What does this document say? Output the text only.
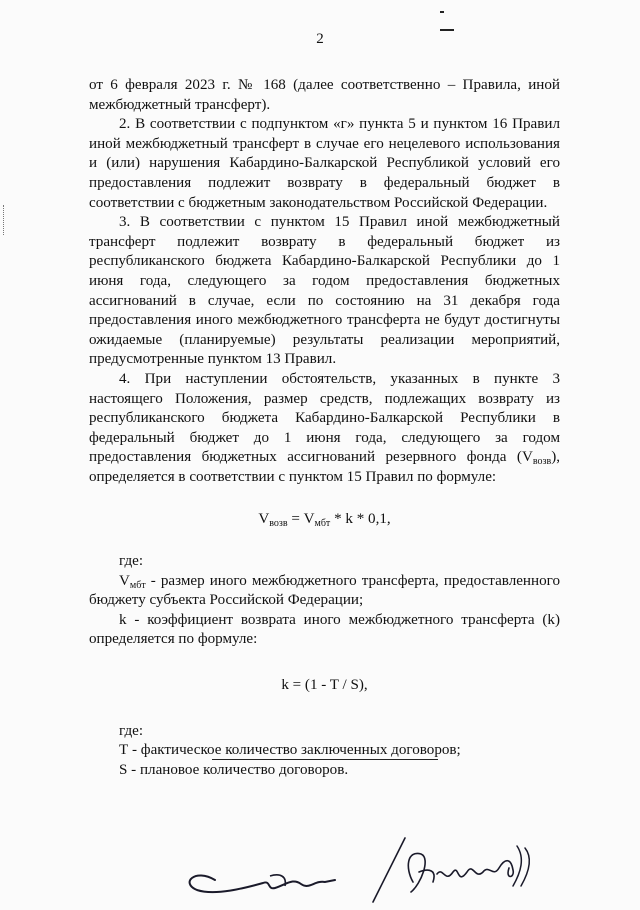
2

от 6 февраля 2023 г. № 168 (далее соответственно – Правила, иной межбюджетный трансферт).

2. В соответствии с подпунктом «г» пункта 5 и пунктом 16 Правил иной межбюджетный трансферт в случае его нецелевого использования и (или) нарушения Кабардино-Балкарской Республикой условий его предоставления подлежит возврату в федеральный бюджет в соответствии с бюджетным законодательством Российской Федерации.

3. В соответствии с пунктом 15 Правил иной межбюджетный трансферт подлежит возврату в федеральный бюджет из республиканского бюджета Кабардино-Балкарской Республики до 1 июня года, следующего за годом предоставления бюджетных ассигнований в случае, если по состоянию на 31 декабря года предоставления иного межбюджетного трансферта не будут достигнуты ожидаемые (планируемые) результаты реализации мероприятий, предусмотренные пунктом 13 Правил.

4. При наступлении обстоятельств, указанных в пункте 3 настоящего Положения, размер средств, подлежащих возврату из республиканского бюджета Кабардино-Балкарской Республики в федеральный бюджет до 1 июня года, следующего за годом предоставления бюджетных ассигнований резервного фонда $(V_{возв})$, определяется в соответствии с пунктом 15 Правил по формуле:

$V_{возв} = V_{мбт} * k * 0,1$,

где:

$V_{мбт}$ - размер иного межбюджетного трансферта, предоставленного бюджету субъекта Российской Федерации;

k - коэффициент возврата иного межбюджетного трансферта (k) определяется по формуле:

k = (1 - T / S),

где:

Т - фактическое количество заключенных договоров;

S - плановое количество договоров.
